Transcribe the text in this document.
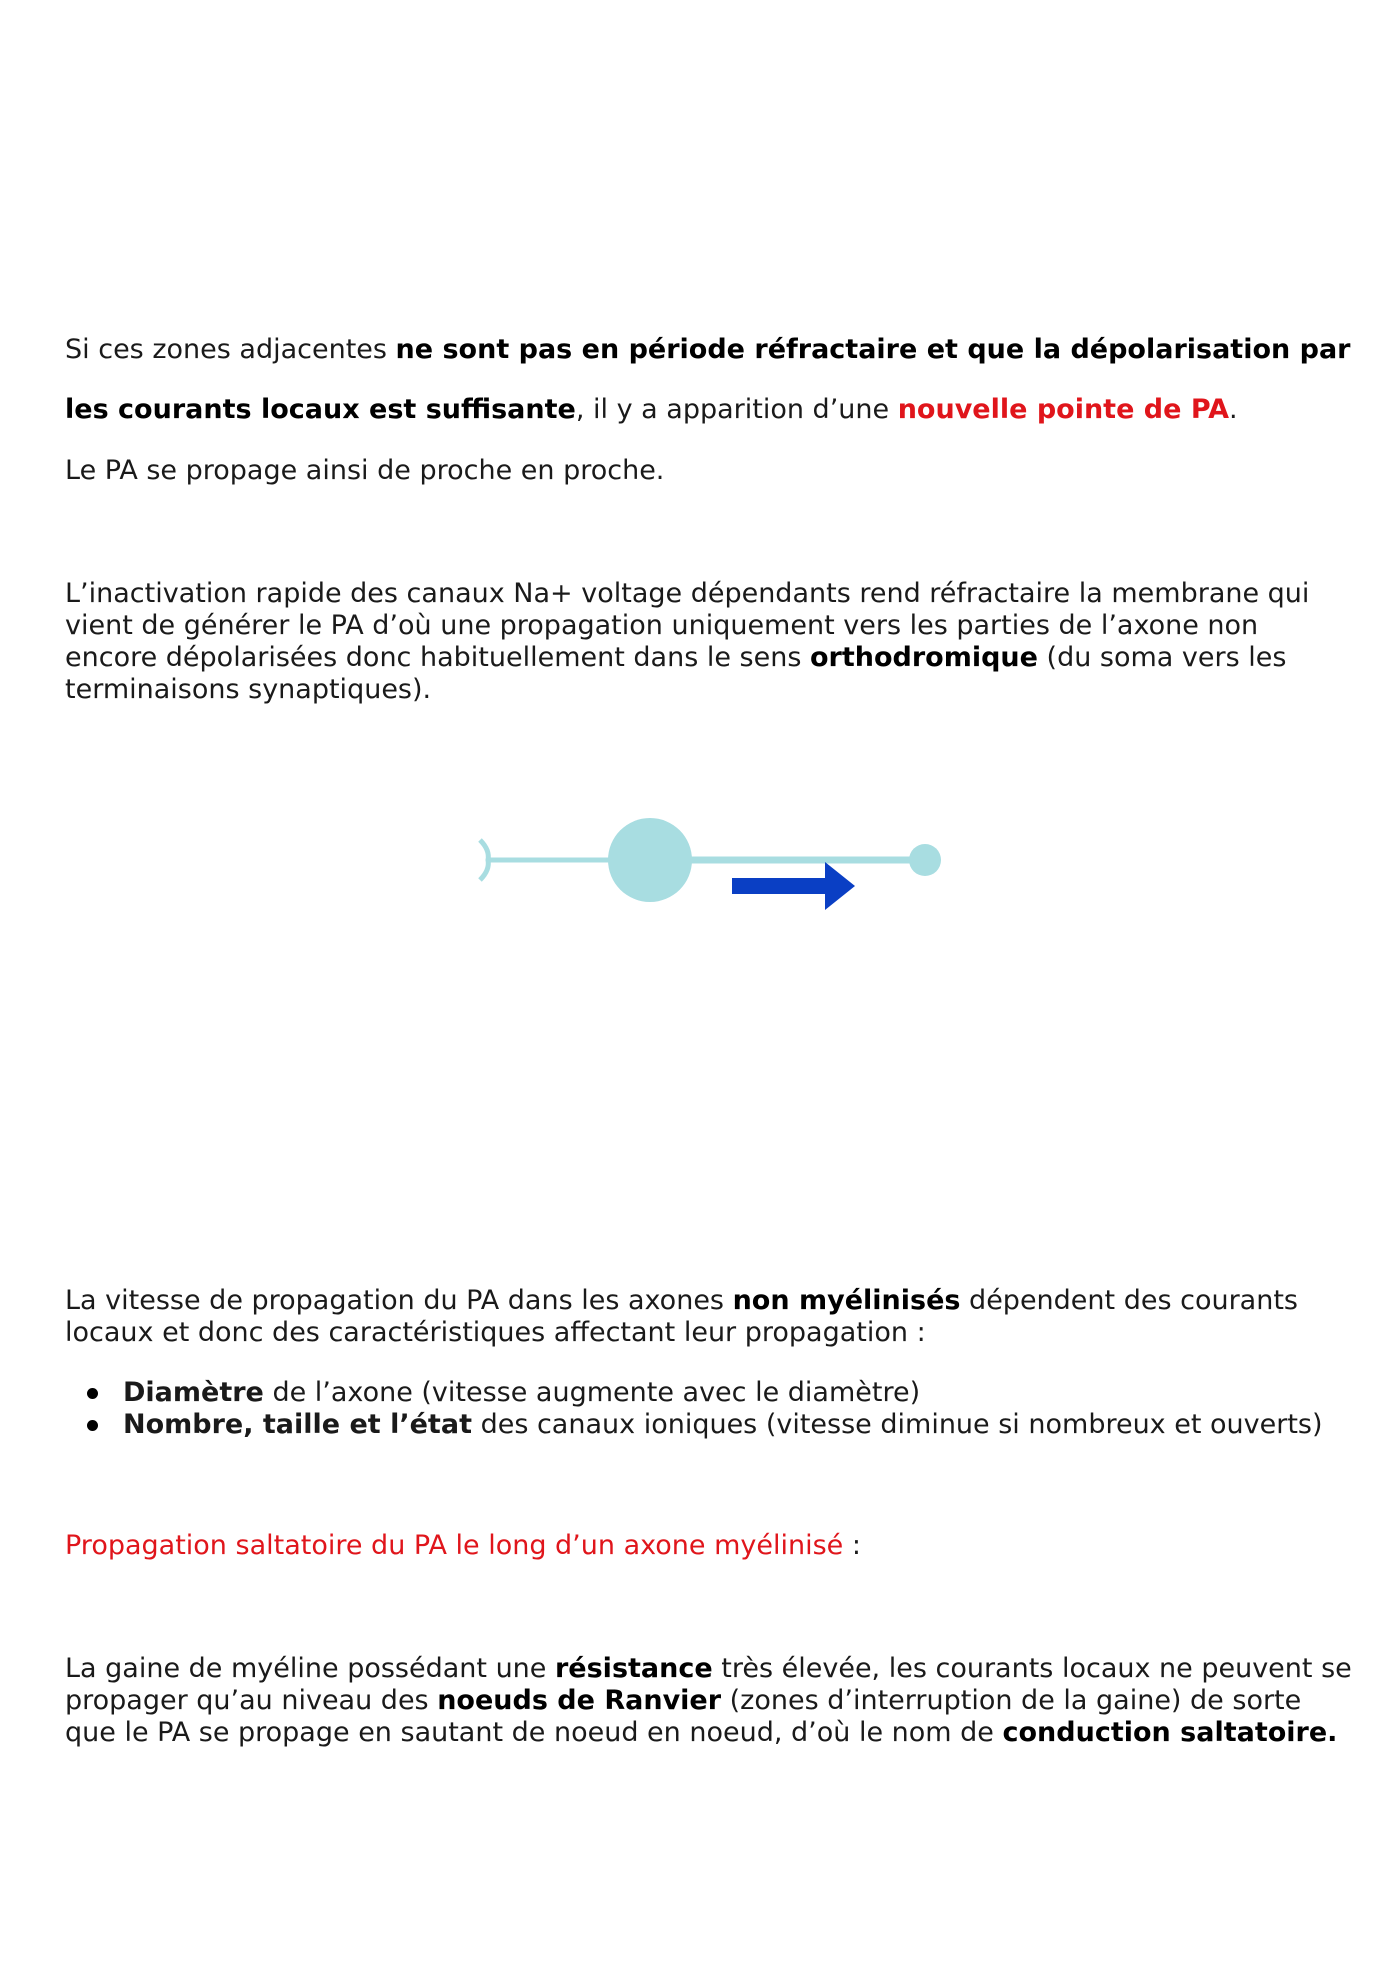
Si ces zones adjacentes ne sont pas en période réfractaire et que la dépolarisation par

les courants locaux est suffisante, il y a apparition d’une nouvelle pointe de PA.

Le PA se propage ainsi de proche en proche.

L’inactivation rapide des canaux Na+ voltage dépendants rend réfractaire la membrane qui vient de générer le PA d’où une propagation uniquement vers les parties de l’axone non encore dépolarisées donc habituellement dans le sens orthodromique (du soma vers les terminaisons synaptiques).

La vitesse de propagation du PA dans les axones non myélinisés dépendent des courants locaux et donc des caractéristiques affectant leur propagation :

Diamètre de l’axone (vitesse augmente avec le diamètre)
Nombre, taille et l’état des canaux ioniques (vitesse diminue si nombreux et ouverts)

Propagation saltatoire du PA le long d’un axone myélinisé :

La gaine de myéline possédant une résistance très élevée, les courants locaux ne peuvent se propager qu’au niveau des noeuds de Ranvier (zones d’interruption de la gaine) de sorte que le PA se propage en sautant de noeud en noeud, d’où le nom de conduction saltatoire.
